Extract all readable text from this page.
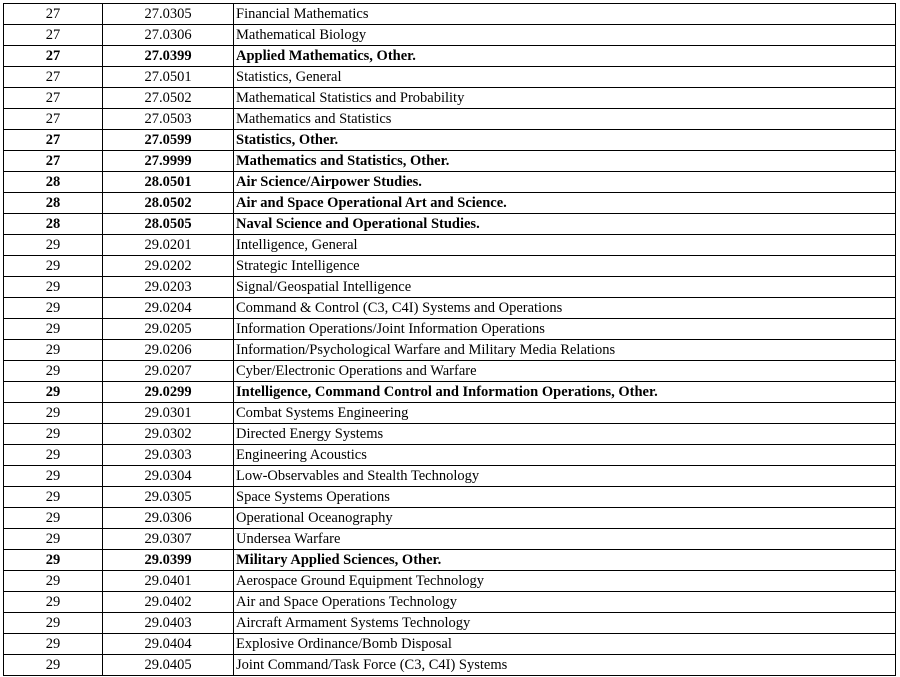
27	27.0305	Financial Mathematics
27	27.0306	Mathematical Biology
27	27.0399	Applied Mathematics, Other.
27	27.0501	Statistics, General
27	27.0502	Mathematical Statistics and Probability
27	27.0503	Mathematics and Statistics
27	27.0599	Statistics, Other.
27	27.9999	Mathematics and Statistics, Other.
28	28.0501	Air Science/Airpower Studies.
28	28.0502	Air and Space Operational Art and Science.
28	28.0505	Naval Science and Operational Studies.
29	29.0201	Intelligence, General
29	29.0202	Strategic Intelligence
29	29.0203	Signal/Geospatial Intelligence
29	29.0204	Command & Control (C3, C4I) Systems and Operations
29	29.0205	Information Operations/Joint Information Operations
29	29.0206	Information/Psychological Warfare and Military Media Relations
29	29.0207	Cyber/Electronic Operations and Warfare
29	29.0299	Intelligence, Command Control and Information Operations, Other.
29	29.0301	Combat Systems Engineering
29	29.0302	Directed Energy Systems
29	29.0303	Engineering Acoustics
29	29.0304	Low-Observables and Stealth Technology
29	29.0305	Space Systems Operations
29	29.0306	Operational Oceanography
29	29.0307	Undersea Warfare
29	29.0399	Military Applied Sciences, Other.
29	29.0401	Aerospace Ground Equipment Technology
29	29.0402	Air and Space Operations Technology
29	29.0403	Aircraft Armament Systems Technology
29	29.0404	Explosive Ordinance/Bomb Disposal
29	29.0405	Joint Command/Task Force (C3, C4I) Systems
